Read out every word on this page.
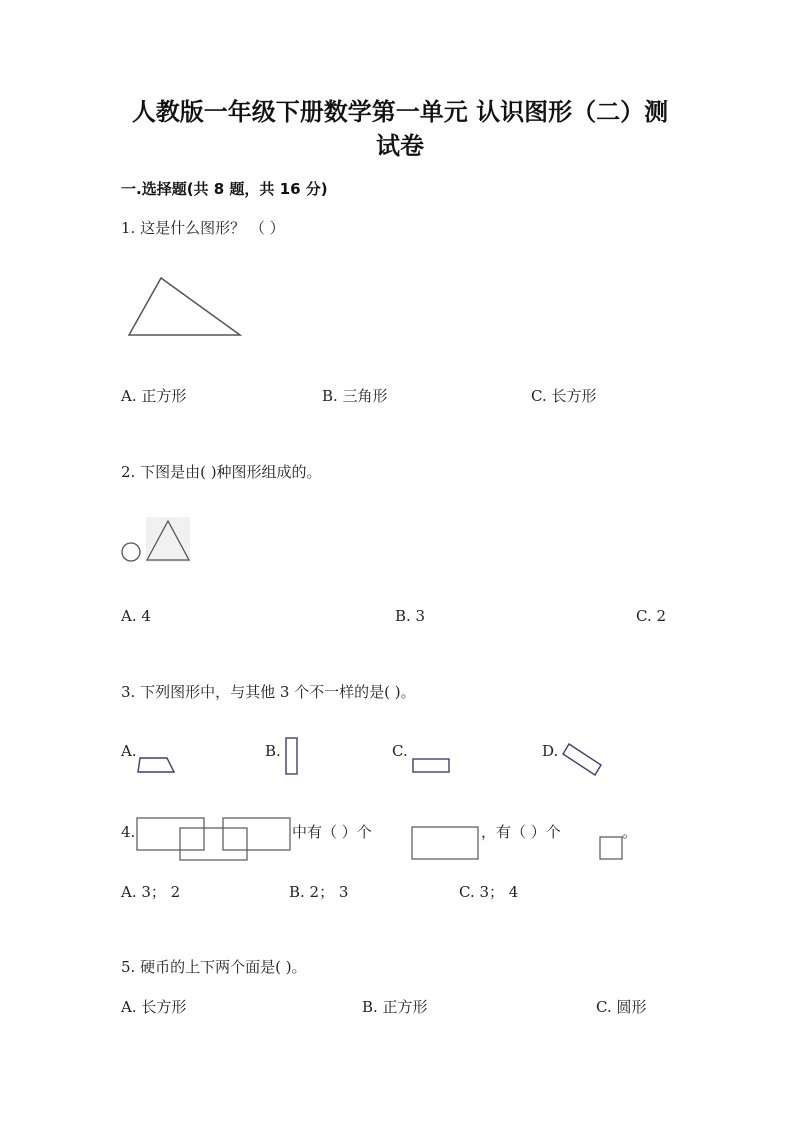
人教版一年级下册数学第一单元 认识图形（二）测
试卷
一.选择题(共 8 题，共 16 分)
1. 这是什么图形？ （ ）
A. 正方形	B. 三角形	C. 长方形
2. 下图是由( )种图形组成的。
A. 4	B. 3	C. 2
3. 下列图形中，与其他 3 个不一样的是( )。
A.	B.	C.	D.
4.	中有（ ）个	，有（ ）个	。
A. 3； 2	B. 2； 3	C. 3； 4
5. 硬币的上下两个面是( )。
A. 长方形	B. 正方形	C. 圆形
